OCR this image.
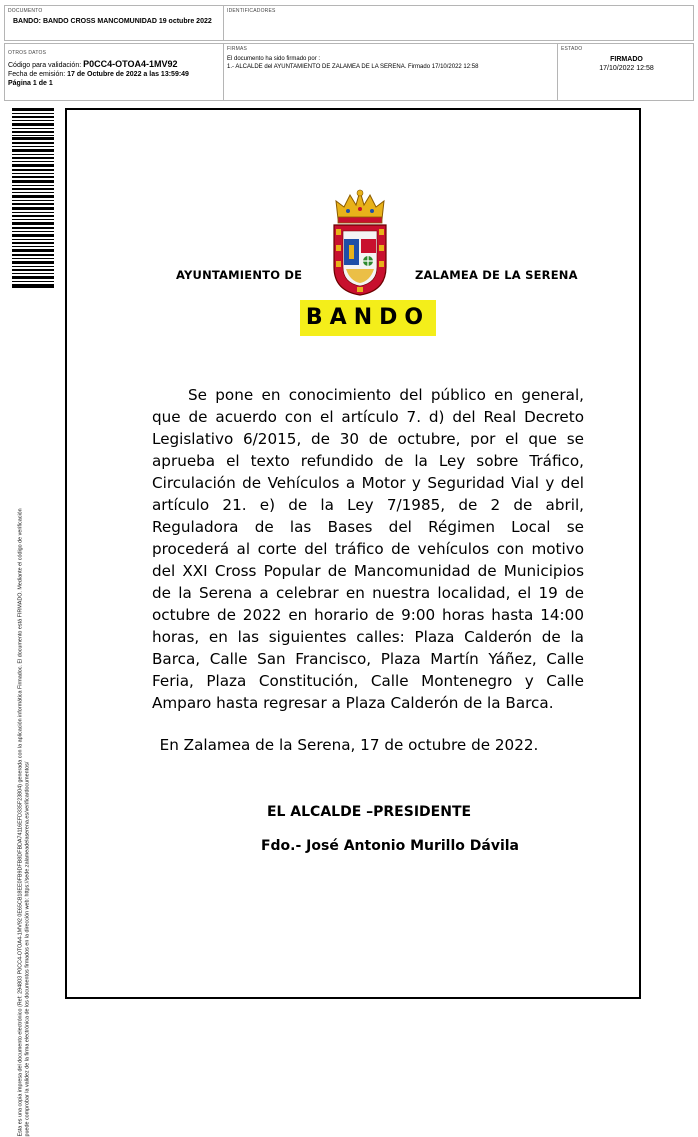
DOCUMENTO
BANDO: BANDO CROSS MANCOMUNIDAD 19 octubre 2022
IDENTIFICADORES
OTROS DATOS
Código para validación: P0CC4-OTOA4-1MV92
Fecha de emisión: 17 de Octubre de 2022 a las 13:59:49
Página 1 de 1
FIRMAS
El documento ha sido firmado por :
1.- ALCALDE del AYUNTAMIENTO DE ZALAMEA DE LA SERENA. Firmado 17/10/2022 12:58
ESTADO
FIRMADO
17/10/2022 12:58
Esta es una copia impresa del documento electrónico (Ref: 294803 P0CC4-OTOA4-1MV92 0E65CB18EE0FB9DFB8DFBDA74116EFD335F23804) generada con la aplicación informática Firmadoc. El documento está FIRMADO. Mediante el código de verificación puede comprobar la validez de la firma electrónica de los documentos firmados en la dirección web: https://sede.zalameadelaserena.es/verificardocumentos/
AYUNTAMIENTO DE	ZALAMEA DE LA SERENA
BANDO
Se pone en conocimiento del público en general, que de acuerdo con el artículo 7. d) del Real Decreto Legislativo 6/2015, de 30 de octubre, por el que se aprueba el texto refundido de la Ley sobre Tráfico, Circulación de Vehículos a Motor y Seguridad Vial y del artículo 21. e) de la Ley 7/1985, de 2 de abril, Reguladora de las Bases del Régimen Local se procederá al corte del tráfico de vehículos con motivo del XXI Cross Popular de Mancomunidad de Municipios de la Serena a celebrar en nuestra localidad, el 19 de octubre de 2022 en horario de 9:00 horas hasta 14:00 horas, en las siguientes calles: Plaza Calderón de la Barca, Calle San Francisco, Plaza Martín Yáñez, Calle Feria, Plaza Constitución, Calle Montenegro y Calle Amparo hasta regresar a Plaza Calderón de la Barca.
En Zalamea de la Serena, 17 de octubre de 2022.
EL ALCALDE –PRESIDENTE
Fdo.- José Antonio Murillo Dávila
